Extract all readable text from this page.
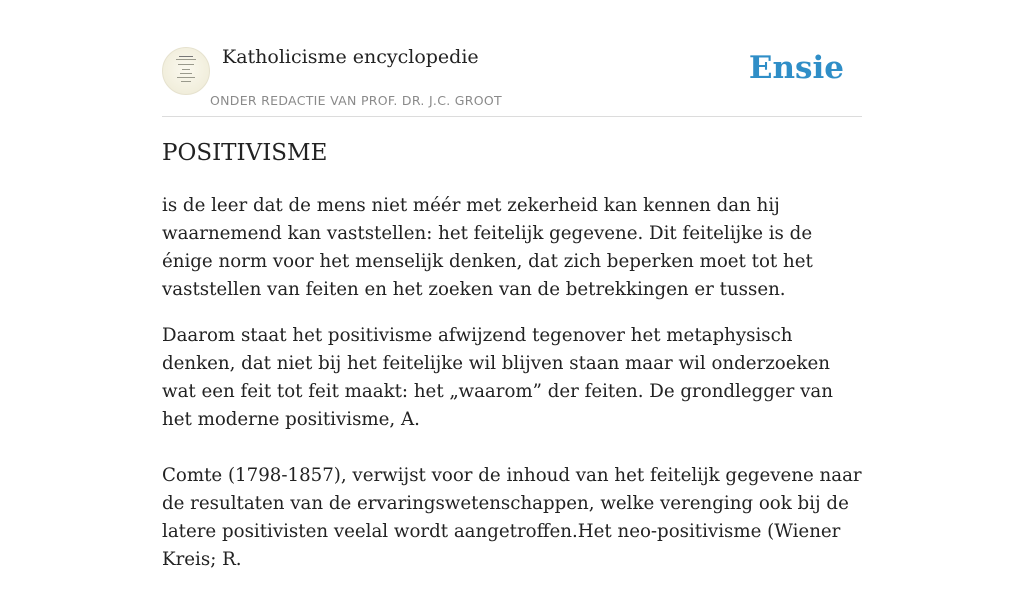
Katholicisme encyclopedie
ONDER REDACTIE VAN PROF. DR. J.C. GROOT
Ensie
POSITIVISME

is de leer dat de mens niet méér met zekerheid kan kennen dan hij waarnemend kan vaststellen: het feitelijk gegevene. Dit feitelijke is de énige norm voor het menselijk denken, dat zich beperken moet tot het vaststellen van feiten en het zoeken van de betrekkingen er tussen.

Daarom staat het positivisme afwijzend tegenover het metaphysisch denken, dat niet bij het feitelijke wil blijven staan maar wil onderzoeken wat een feit tot feit maakt: het „waarom” der feiten. De grondlegger van het moderne positivisme, A.

Comte (1798-1857), verwijst voor de inhoud van het feitelijk gegevene naar de resultaten van de ervaringswetenschappen, welke verenging ook bij de latere positivisten veelal wordt aangetroffen.Het neo-positivisme (Wiener Kreis; R.
